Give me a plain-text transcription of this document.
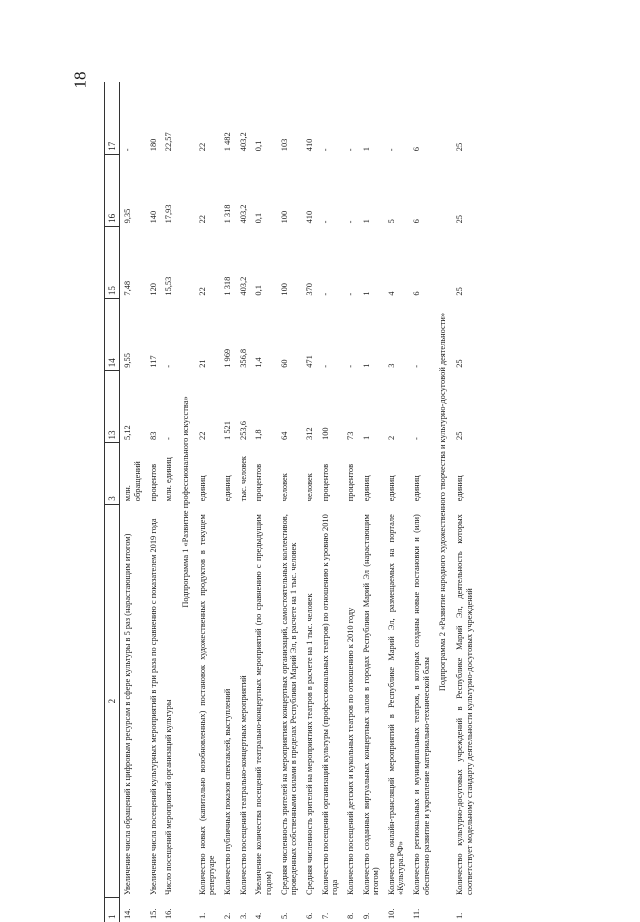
18
1	2	3	13	14	15	16	17
14.	Увеличение числа обращений к цифровым ресурсам в сфере культуры в 5 раз (нарастающим итогом)	млн. обращений	5,12	9,55	7,48	9,35	-
15.	Увеличение числа посещений культурных мероприятий в три раза по сравнению с показателем 2019 года	процентов	83	117	120	140	180
16.	Число посещений мероприятий организаций культуры	млн. единиц	-	-	15,53	17,93	22,57
Подпрограмма 1 «Развитие профессионального искусства»							
1.	Количество новых (капитально возобновленных) постановок художественных продуктов в текущем репертуаре	единиц	22	21	22	22	22
2.	Количество публичных показов спектаклей, выступлений	единиц	1 521	1 969	1 318	1 318	1 482
3.	Количество посещений театрально-концертных мероприятий	тыс. человек	253,6	356,8	403,2	403,2	403,2
4.	Увеличение количества посещений театрально-концертных мероприятий (по сравнению с предыдущим годом)	процентов	1,8	1,4	0,1	0,1	0,1
5.	Средняя численность зрителей на мероприятиях концертных организаций, самостоятельных коллективов, проведенных собственными силами в пределах Республики Марий Эл, в расчете на 1 тыс. человек	человек	64	60	100	100	103
6.	Средняя численность зрителей на мероприятиях театров в расчете на 1 тыс. человек	человек	312	471	370	410	410
7.	Количество посещений организаций культуры (профессиональных театров) по отношению к уровню 2010 года	процентов	100	-	-	-	-
8.	Количество посещений детских и кукольных театров по отношению к 2010 году	процентов	73	-	-	-	-
9.	Количество созданных виртуальных концертных залов в городах Республики Марий Эл (нарастающим итогом)	единиц	1	1	1	1	1
10.	Количество онлайн-трансляций мероприятий в Республике Марий Эл, размещаемых на портале «Культура.РФ»	единиц	2	3	4	5	-
11.	Количество региональных и муниципальных театров, в которых созданы новые постановки и (или) обеспечено развитие и укрепление материально-технической базы	единиц	-	-	6	6	6
Подпрограмма 2 «Развитие народного художественного творчества и культурно-досуговой деятельности»							
1.	Количество культурно-досуговых учреждений в Республике Марий Эл, деятельность которых соответствует модельному стандарту деятельности культурно-досуговых учреждений	единиц	25	25	25	25	25
